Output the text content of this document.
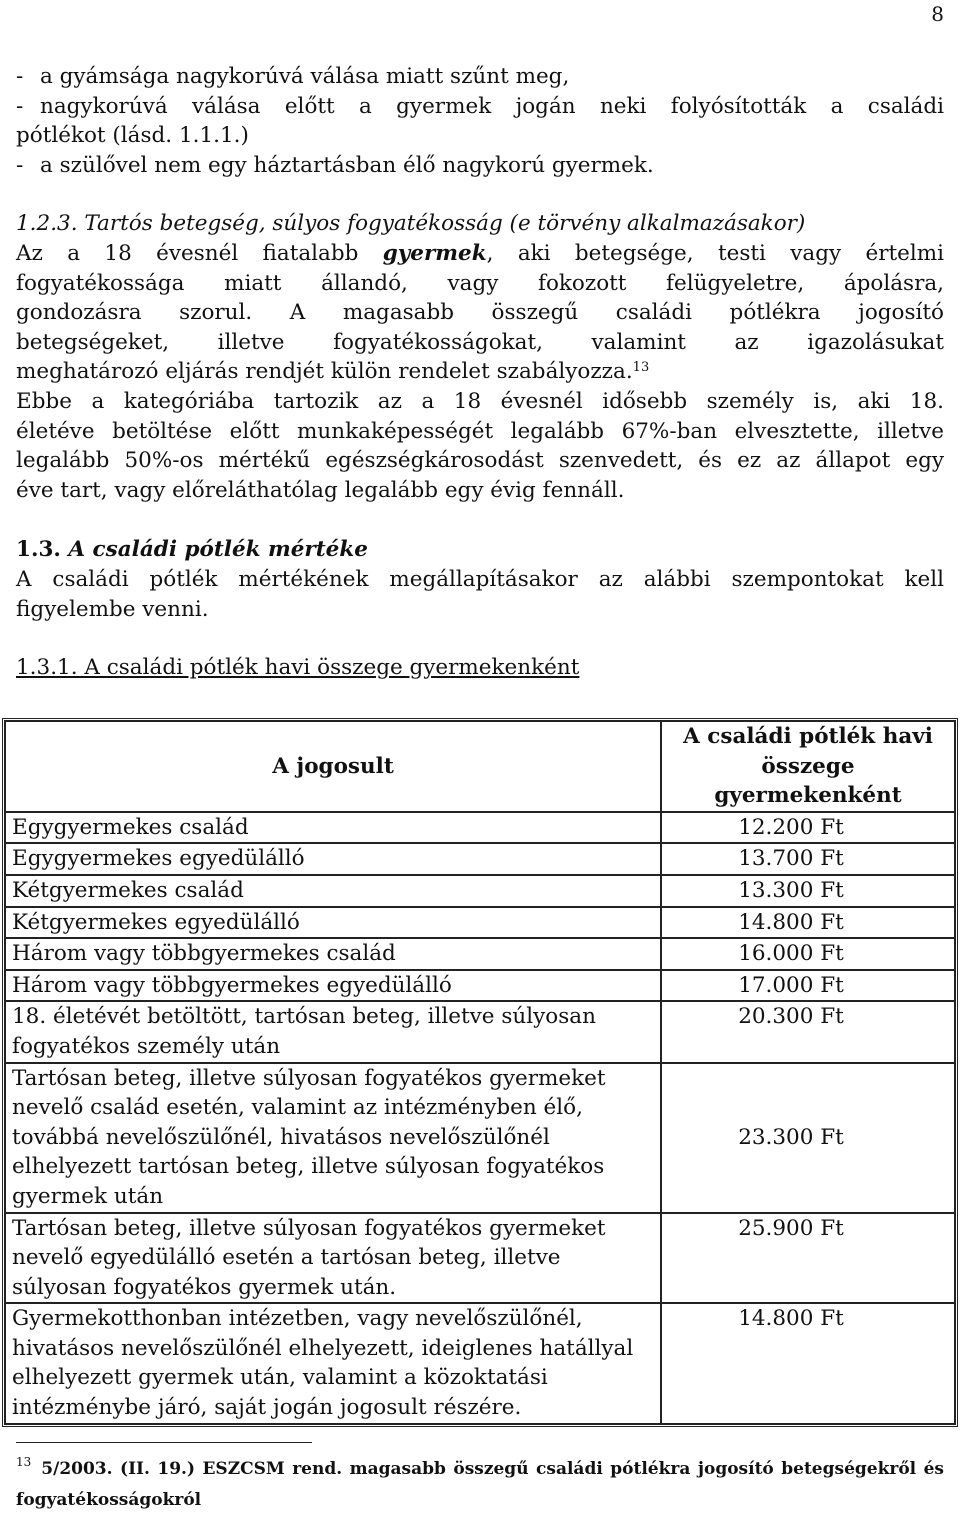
8
- a gyámsága nagykorúvá válása miatt szűnt meg,
- nagykorúvá válása előtt a gyermek jogán neki folyósították a családi
pótlékot (lásd. 1.1.1.)
- a szülővel nem egy háztartásban élő nagykorú gyermek.
1.2.3. Tartós betegség, súlyos fogyatékosság (e törvény alkalmazásakor)
Az a 18 évesnél fiatalabb gyermek, aki betegsége, testi vagy értelmi
fogyatékossága miatt állandó, vagy fokozott felügyeletre, ápolásra,
gondozásra szorul. A magasabb összegű családi pótlékra jogosító
betegségeket, illetve fogyatékosságokat, valamint az igazolásukat
meghatározó eljárás rendjét külön rendelet szabályozza.$^{13}$
Ebbe a kategóriába tartozik az a 18 évesnél idősebb személy is, aki 18.
életéve betöltése előtt munkaképességét legalább 67%-ban elvesztette, illetve
legalább 50%-os mértékű egészségkárosodást szenvedett, és ez az állapot egy
éve tart, vagy előreláthatólag legalább egy évig fennáll.
1.3. A családi pótlék mértéke
A családi pótlék mértékének megállapításakor az alábbi szempontokat kell
figyelembe venni.
1.3.1. A családi pótlék havi összege gyermekenként
A jogosult	A családi pótlék havi összege gyermekenként
Egygyermekes család	12.200 Ft
Egygyermekes egyedülálló	13.700 Ft
Kétgyermekes család	13.300 Ft
Kétgyermekes egyedülálló	14.800 Ft
Három vagy többgyermekes család	16.000 Ft
Három vagy többgyermekes egyedülálló	17.000 Ft
18. életévét betöltött, tartósan beteg, illetve súlyosan fogyatékos személy után	20.300 Ft
Tartósan beteg, illetve súlyosan fogyatékos gyermeket nevelő család esetén, valamint az intézményben élő, továbbá nevelőszülőnél, hivatásos nevelőszülőnél elhelyezett tartósan beteg, illetve súlyosan fogyatékos gyermek után	23.300 Ft
Tartósan beteg, illetve súlyosan fogyatékos gyermeket nevelő egyedülálló esetén a tartósan beteg, illetve súlyosan fogyatékos gyermek után.	25.900 Ft
Gyermekotthonban intézetben, vagy nevelőszülőnél, hivatásos nevelőszülőnél elhelyezett, ideiglenes hatállyal elhelyezett gyermek után, valamint a közoktatási intézménybe járó, saját jogán jogosult részére.	14.800 Ft
$^{13}$ 5/2003. (II. 19.) ESZCSM rend. magasabb összegű családi pótlékra jogosító betegségekről és fogyatékosságokról
